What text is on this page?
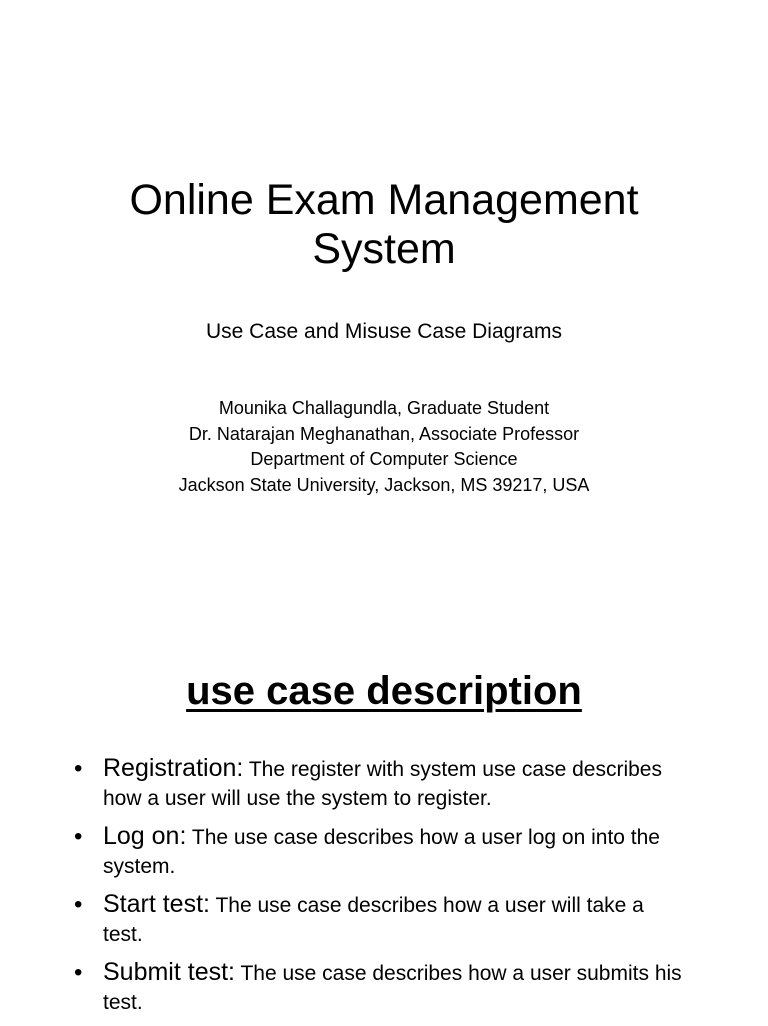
Online Exam Management
System

Use Case and Misuse Case Diagrams

Mounika Challagundla, Graduate Student
Dr. Natarajan Meghanathan, Associate Professor
Department of Computer Science
Jackson State University, Jackson, MS 39217, USA
use case description
• Registration: The register with system use case describes how a user will use the system to register.
• Log on: The use case describes how a user log on into the system.
• Start test: The use case describes how a user will take a test.
• Submit test: The use case describes how a user submits his test.
